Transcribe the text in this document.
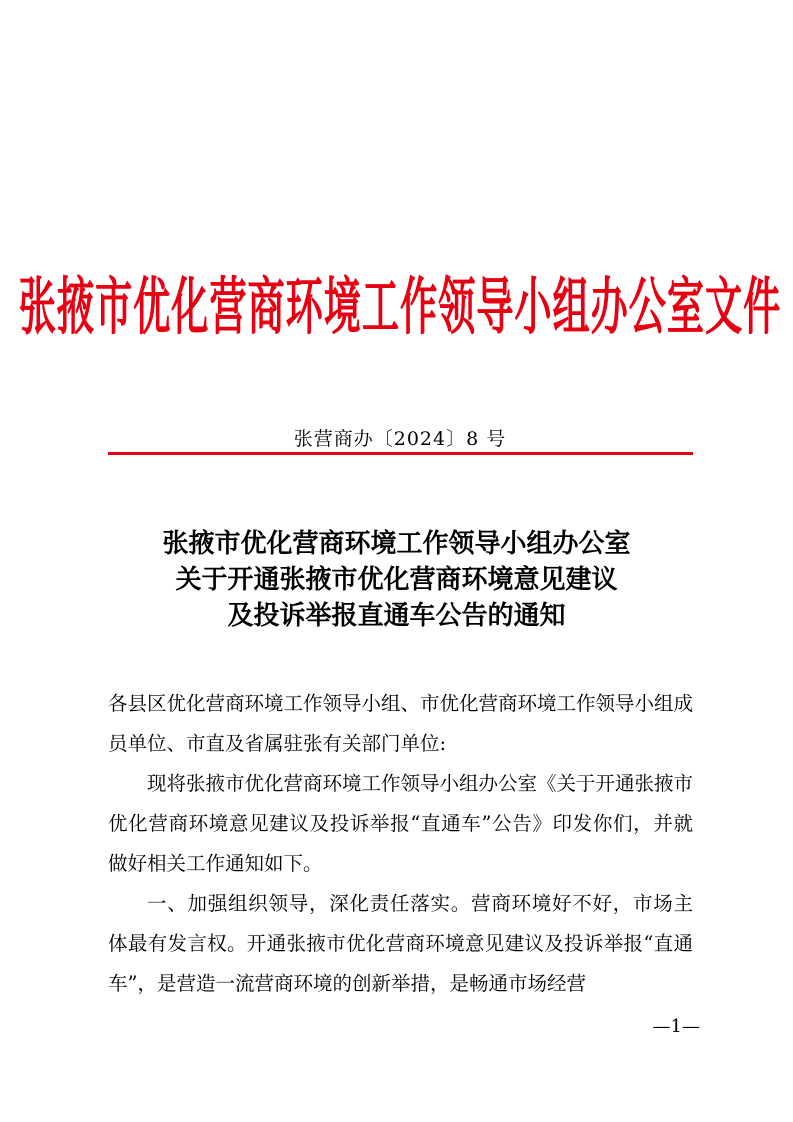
张掖市优化营商环境工作领导小组办公室文件
张营商办〔2024〕8 号
张掖市优化营商环境工作领导小组办公室
关于开通张掖市优化营商环境意见建议
及投诉举报直通车公告的通知

各县区优化营商环境工作领导小组、市优化营商环境工作领导小组成员单位、市直及省属驻张有关部门单位:

现将张掖市优化营商环境工作领导小组办公室《关于开通张掖市优化营商环境意见建议及投诉举报“直通车”公告》印发你们，并就做好相关工作通知如下。

一、加强组织领导，深化责任落实。营商环境好不好，市场主体最有发言权。开通张掖市优化营商环境意见建议及投诉举报“直通车”，是营造一流营商环境的创新举措，是畅通市场经营

—1—
